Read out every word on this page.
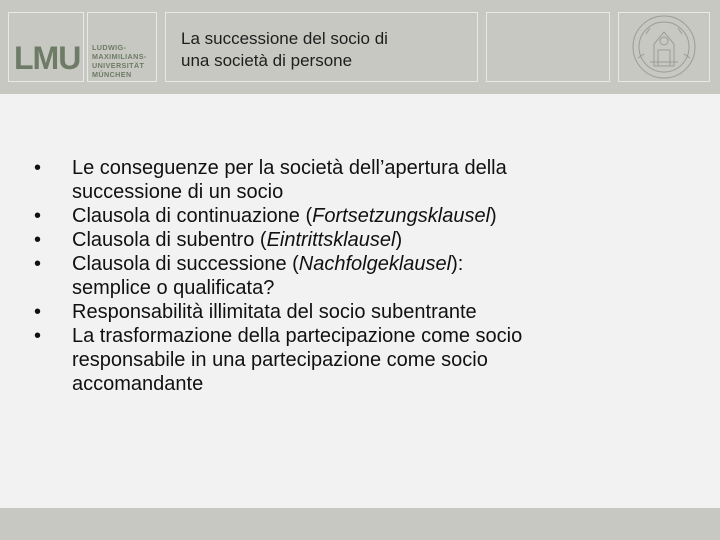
LMU LUDWIG-
MAXIMILIANS-
UNIVERSITÄT
MÜNCHEN
La successione del socio di
una società di persone
• Le conseguenze per la società dell’apertura della
successione di un socio
• Clausola di continuazione (Fortsetzungsklausel)
• Clausola di subentro (Eintrittsklausel)
• Clausola di successione (Nachfolgeklausel):
semplice o qualificata?
• Responsabilità illimitata del socio subentrante
• La trasformazione della partecipazione come socio
responsabile in una partecipazione come socio
accomandante
